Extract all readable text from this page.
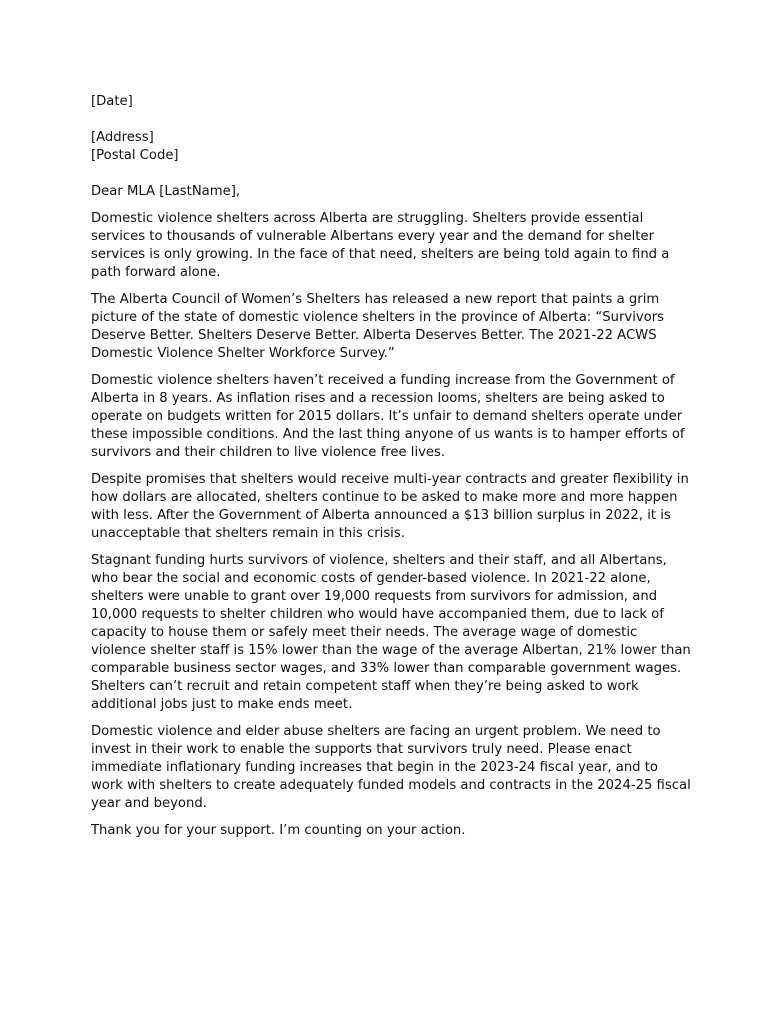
[Date]

[Address]

[Postal Code]

Dear MLA [LastName],

Domestic violence shelters across Alberta are struggling. Shelters provide essential services to thousands of vulnerable Albertans every year and the demand for shelter services is only growing. In the face of that need, shelters are being told again to find a path forward alone.

The Alberta Council of Women’s Shelters has released a new report that paints a grim picture of the state of domestic violence shelters in the province of Alberta: “Survivors Deserve Better. Shelters Deserve Better. Alberta Deserves Better. The 2021-22 ACWS Domestic Violence Shelter Workforce Survey.”

Domestic violence shelters haven’t received a funding increase from the Government of Alberta in 8 years. As inflation rises and a recession looms, shelters are being asked to operate on budgets written for 2015 dollars. It’s unfair to demand shelters operate under these impossible conditions. And the last thing anyone of us wants is to hamper efforts of survivors and their children to live violence free lives.

Despite promises that shelters would receive multi-year contracts and greater flexibility in how dollars are allocated, shelters continue to be asked to make more and more happen with less. After the Government of Alberta announced a $13 billion surplus in 2022, it is unacceptable that shelters remain in this crisis.

Stagnant funding hurts survivors of violence, shelters and their staff, and all Albertans, who bear the social and economic costs of gender-based violence. In 2021-22 alone, shelters were unable to grant over 19,000 requests from survivors for admission, and 10,000 requests to shelter children who would have accompanied them, due to lack of capacity to house them or safely meet their needs. The average wage of domestic violence shelter staff is 15% lower than the wage of the average Albertan, 21% lower than comparable business sector wages, and 33% lower than comparable government wages. Shelters can’t recruit and retain competent staff when they’re being asked to work additional jobs just to make ends meet.

Domestic violence and elder abuse shelters are facing an urgent problem. We need to invest in their work to enable the supports that survivors truly need. Please enact immediate inflationary funding increases that begin in the 2023-24 fiscal year, and to work with shelters to create adequately funded models and contracts in the 2024-25 fiscal year and beyond.

Thank you for your support. I’m counting on your action.
